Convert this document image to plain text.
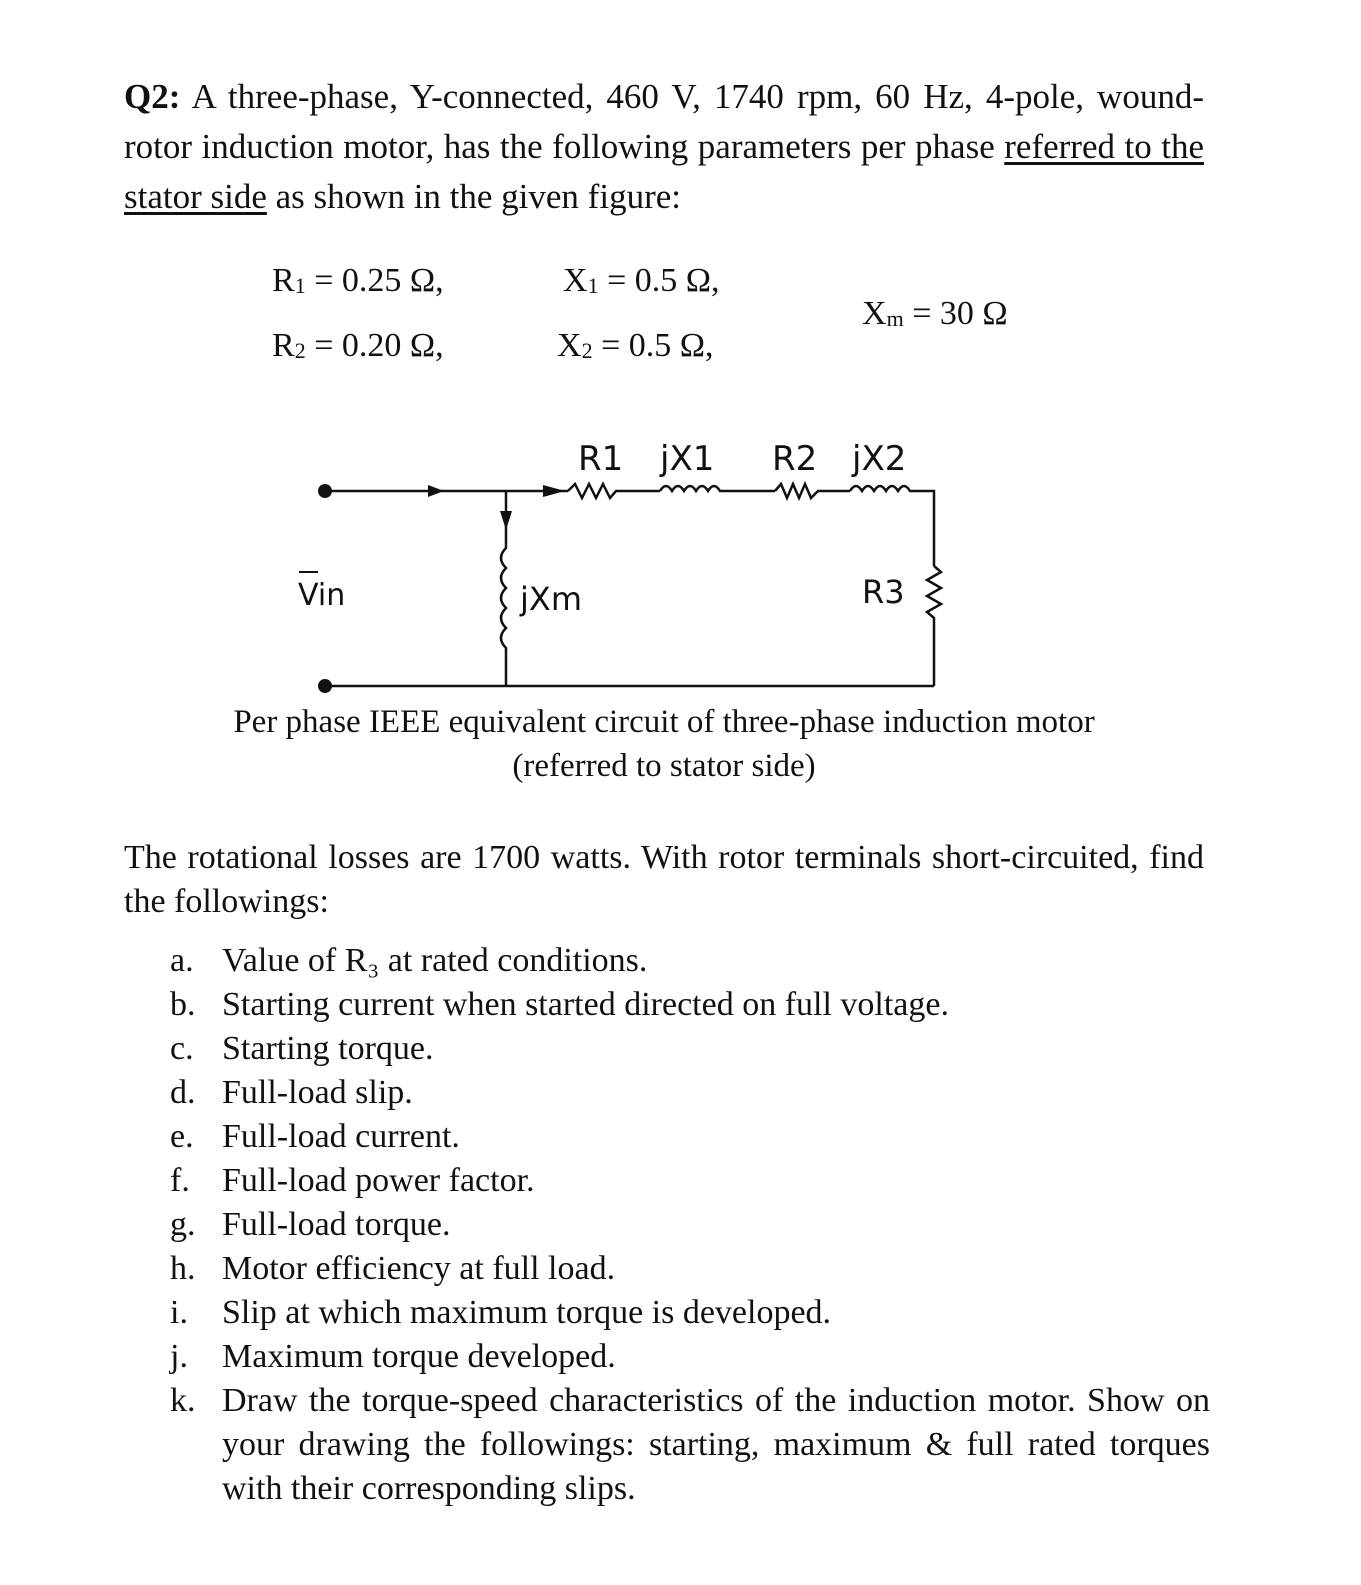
Q2: A three-phase, Y-connected, 460 V, 1740 rpm, 60 Hz, 4-pole, wound-rotor induction motor, has the following parameters per phase referred to the stator side as shown in the given figure:
$R_1 = 0.25$ Ω,	$X_1 = 0.5$ Ω,
$R_2 = 0.20$ Ω,	$X_2 = 0.5$ Ω,
$X_m = 30$ Ω
R1 jX1 R2 jX2
Vin	jXm	R3
Per phase IEEE equivalent circuit of three-phase induction motor
(referred to stator side)
The rotational losses are 1700 watts. With rotor terminals short-circuited, find the followings:
a. Value of R₃ at rated conditions.
b. Starting current when started directed on full voltage.
c. Starting torque.
d. Full-load slip.
e. Full-load current.
f. Full-load power factor.
g. Full-load torque.
h. Motor efficiency at full load.
i.	Slip at which maximum torque is developed.
j.	Maximum torque developed.
k. Draw the torque-speed characteristics of the induction motor. Show on your drawing the followings: starting, maximum & full rated torques with their corresponding slips.
